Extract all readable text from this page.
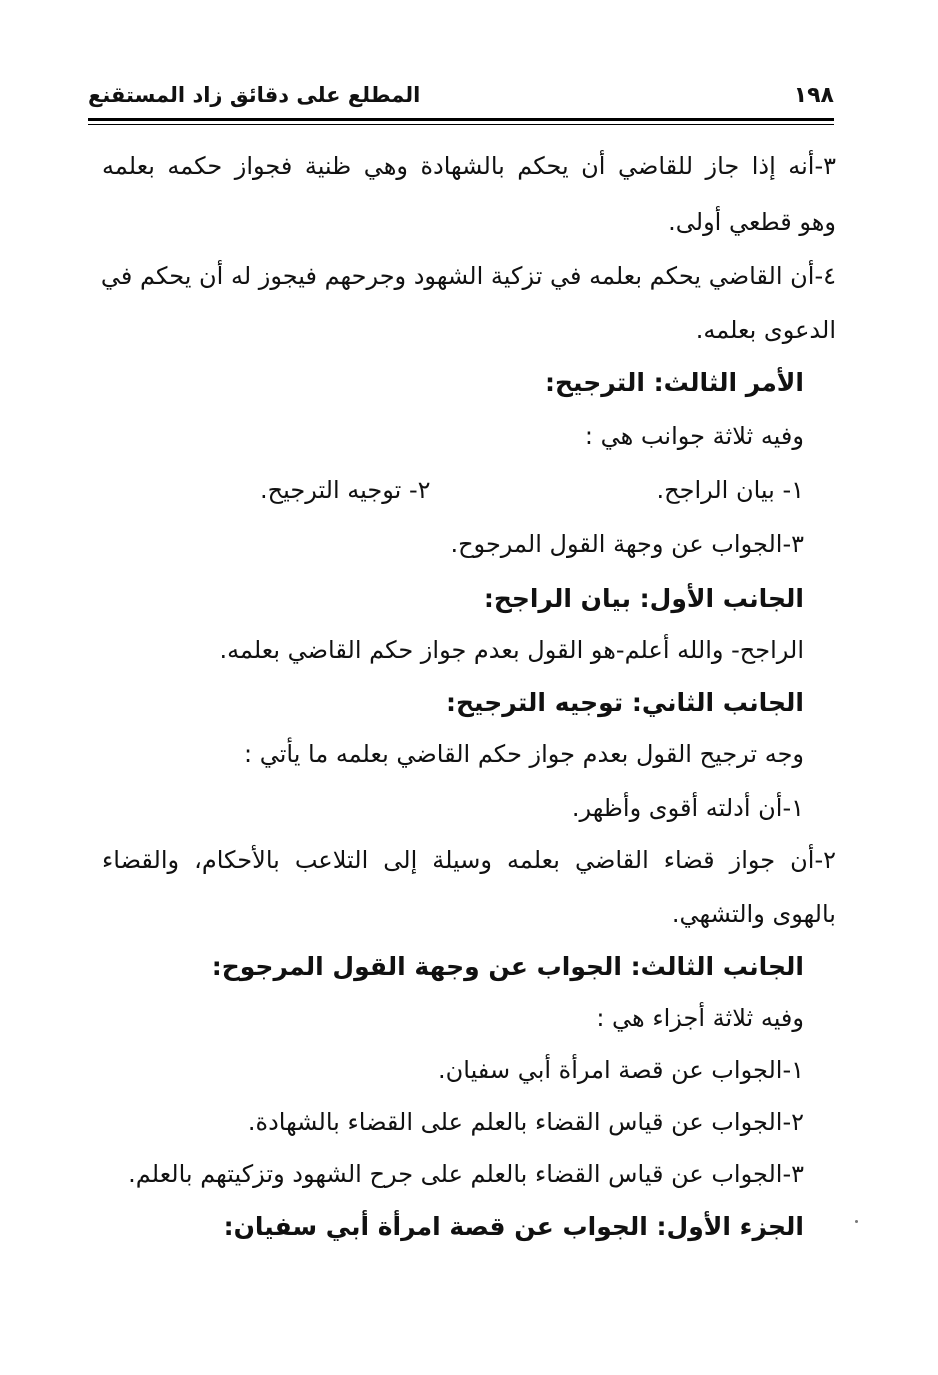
١٩٨
المطلع على دقائق زاد المستقنع
٣-أنه إذا جاز للقاضي أن يحكم بالشهادة وهي ظنية فجواز حكمه بعلمه
وهو قطعي أولى.
٤-أن القاضي يحكم بعلمه في تزكية الشهود وجرحهم فيجوز له أن يحكم في
الدعوى بعلمه.
الأمر الثالث: الترجيح:
وفيه ثلاثة جوانب هي :
١- بيان الراجح.
٢- توجيه الترجيح.
٣-الجواب عن وجهة القول المرجوح.
الجانب الأول: بيان الراجح:
الراجح- والله أعلم-هو القول بعدم جواز حكم القاضي بعلمه.
الجانب الثاني: توجيه الترجيح:
وجه ترجيح القول بعدم جواز حكم القاضي بعلمه ما يأتي :
١-أن أدلته أقوى وأظهر.
٢-أن جواز قضاء القاضي بعلمه وسيلة إلى التلاعب بالأحكام، والقضاء
بالهوى والتشهي.
الجانب الثالث: الجواب عن وجهة القول المرجوح:
وفيه ثلاثة أجزاء هي :
١-الجواب عن قصة امرأة أبي سفيان.
٢-الجواب عن قياس القضاء بالعلم على القضاء بالشهادة.
٣-الجواب عن قياس القضاء بالعلم على جرح الشهود وتزكيتهم بالعلم.
الجزء الأول: الجواب عن قصة امرأة أبي سفيان:
